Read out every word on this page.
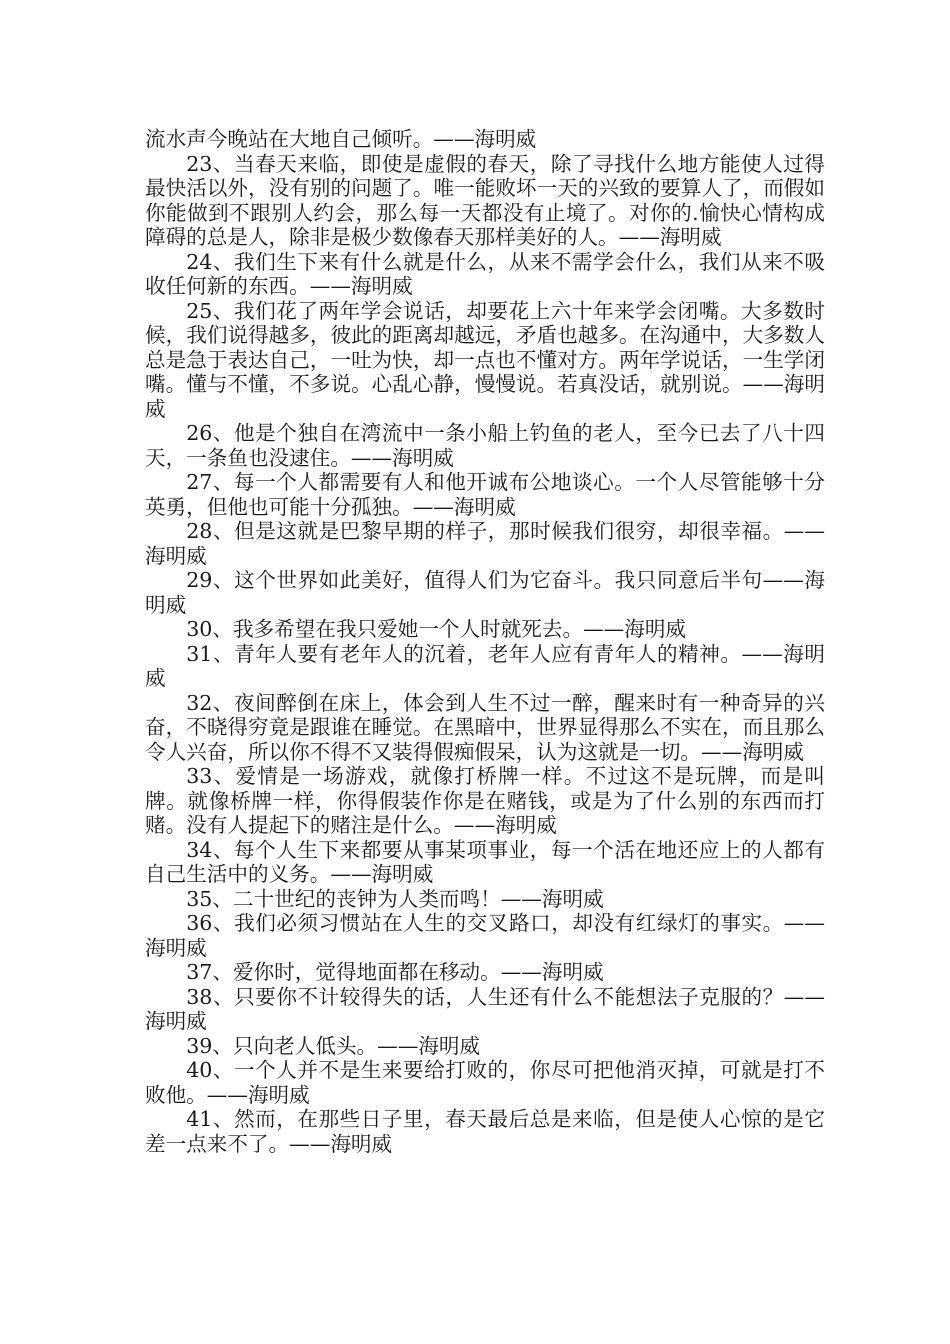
流水声今晚站在大地自己倾听。——海明威

23、当春天来临，即使是虚假的春天，除了寻找什么地方能使人过得最快活以外，没有别的问题了。唯一能败坏一天的兴致的要算人了，而假如你能做到不跟别人约会，那么每一天都没有止境了。对你的.愉快心情构成障碍的总是人，除非是极少数像春天那样美好的人。——海明威

24、我们生下来有什么就是什么，从来不需学会什么，我们从来不吸收任何新的东西。——海明威

25、我们花了两年学会说话，却要花上六十年来学会闭嘴。大多数时候，我们说得越多，彼此的距离却越远，矛盾也越多。在沟通中，大多数人总是急于表达自己，一吐为快，却一点也不懂对方。两年学说话，一生学闭嘴。懂与不懂，不多说。心乱心静，慢慢说。若真没话，就别说。——海明威

26、他是个独自在湾流中一条小船上钓鱼的老人，至今已去了八十四天，一条鱼也没逮住。——海明威

27、每一个人都需要有人和他开诚布公地谈心。一个人尽管能够十分英勇，但他也可能十分孤独。——海明威

28、但是这就是巴黎早期的样子，那时候我们很穷，却很幸福。——海明威

29、这个世界如此美好，值得人们为它奋斗。我只同意后半句——海明威

30、我多希望在我只爱她一个人时就死去。——海明威

31、青年人要有老年人的沉着，老年人应有青年人的精神。——海明威

32、夜间醉倒在床上，体会到人生不过一醉，醒来时有一种奇异的兴奋，不晓得穷竟是跟谁在睡觉。在黑暗中，世界显得那么不实在，而且那么令人兴奋，所以你不得不又装得假痴假呆，认为这就是一切。——海明威

33、爱情是一场游戏，就像打桥牌一样。不过这不是玩牌，而是叫牌。就像桥牌一样，你得假装作你是在赌钱，或是为了什么别的东西而打赌。没有人提起下的赌注是什么。——海明威

34、每个人生下来都要从事某项事业，每一个活在地还应上的人都有自己生活中的义务。——海明威

35、二十世纪的丧钟为人类而鸣！——海明威

36、我们必须习惯站在人生的交叉路口，却没有红绿灯的事实。——海明威

37、爱你时，觉得地面都在移动。——海明威

38、只要你不计较得失的话，人生还有什么不能想法子克服的？——海明威

39、只向老人低头。——海明威

40、一个人并不是生来要给打败的，你尽可把他消灭掉，可就是打不败他。——海明威

41、然而，在那些日子里，春天最后总是来临，但是使人心惊的是它差一点来不了。——海明威
